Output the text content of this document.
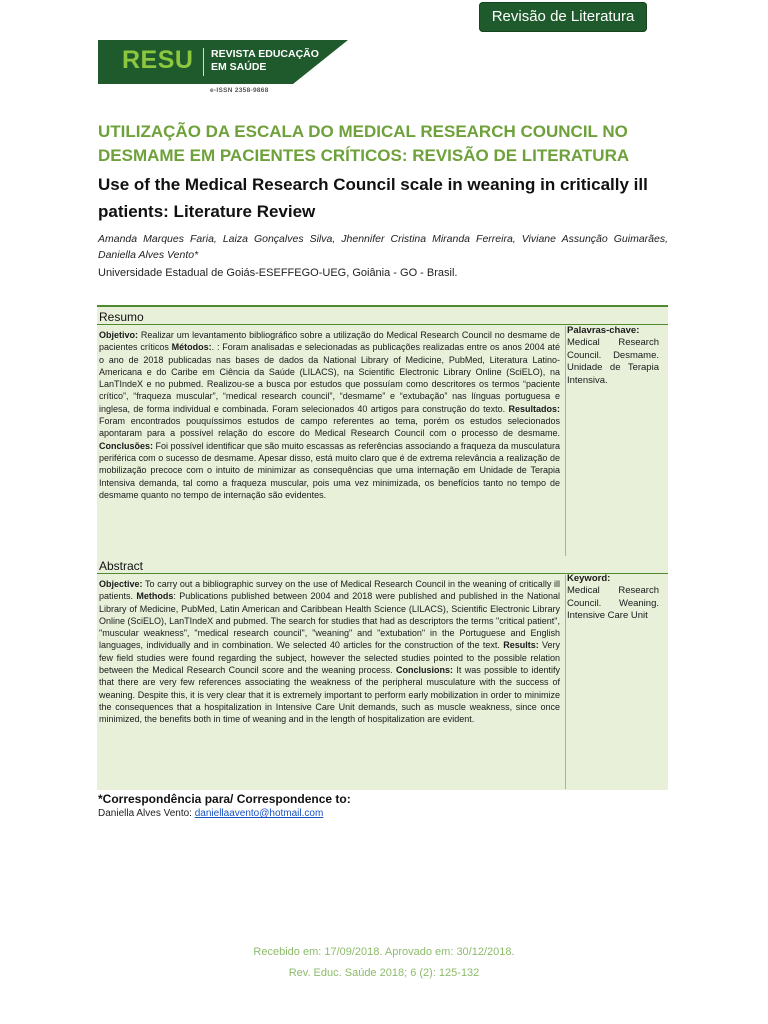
Revisão de Literatura
RESU REVISTA EDUCAÇÃO
EM SAÚDE
e-ISSN 2358-9868
UTILIZAÇÃO DA ESCALA DO MEDICAL RESEARCH COUNCIL NO DESMAME EM PACIENTES CRÍTICOS: REVISÃO DE LITERATURA
Use of the Medical Research Council scale in weaning in critically ill patients: Literature Review
Amanda Marques Faria, Laiza Gonçalves Silva, Jhennifer Cristina Miranda Ferreira, Viviane Assunção Guimarães, Daniella Alves Vento*
Universidade Estadual de Goiás-ESEFFEGO-UEG, Goiânia - GO - Brasil.
Resumo
Objetivo: Realizar um levantamento bibliográfico sobre a utilização do Medical Research Council no desmame de pacientes críticos Métodos:. : Foram analisadas e selecionadas as publicações realizadas entre os anos 2004 até o ano de 2018 publicadas nas bases de dados da National Library of Medicine, PubMed, Literatura Latino-Americana e do Caribe em Ciência da Saúde (LILACS), na Scientific Electronic Library Online (SciELO), na LanTIndeX e no pubmed. Realizou-se a busca por estudos que possuíam como descritores os termos “paciente crítico”, “fraqueza muscular”, “medical research council”, “desmame” e “extubação” nas línguas portuguesa e inglesa, de forma individual e combinada. Foram selecionados 40 artigos para construção do texto. Resultados: Foram encontrados pouquíssimos estudos de campo referentes ao tema, porém os estudos selecionados apontaram para a possível relação do escore do Medical Research Council com o processo de desmame. Conclusões: Foi possível identificar que são muito escassas as referências associando a fraqueza da musculatura periférica com o sucesso de desmame. Apesar disso, está muito claro que é de extrema relevância a realização de mobilização precoce com o intuito de minimizar as consequências que uma internação em Unidade de Terapia Intensiva demanda, tal como a fraqueza muscular, pois uma vez minimizada, os benefícios tanto no tempo de desmame quanto no tempo de internação são evidentes.
Palavras-chave:
Medical Research Council. Desmame. Unidade de Terapia Intensiva.
Abstract
Objective: To carry out a bibliographic survey on the use of Medical Research Council in the weaning of critically ill patients. Methods: Publications published between 2004 and 2018 were published and published in the National Library of Medicine, PubMed, Latin American and Caribbean Health Science (LILACS), Scientific Electronic Library Online (SciELO), LanTIndeX and pubmed. The search for studies that had as descriptors the terms "critical patient", "muscular weakness", "medical research council", "weaning" and "extubation" in the Portuguese and English languages, individually and in combination. We selected 40 articles for the construction of the text. Results: Very few field studies were found regarding the subject, however the selected studies pointed to the possible relation between the Medical Research Council score and the weaning process. Conclusions: It was possible to identify that there are very few references associating the weakness of the peripheral musculature with the success of weaning. Despite this, it is very clear that it is extremely important to perform early mobilization in order to minimize the consequences that a hospitalization in Intensive Care Unit demands, such as muscle weakness, since once minimized, the benefits both in time of weaning and in the length of hospitalization are evident.
Keyword:
Medical Research Council. Weaning. Intensive Care Unit
*Correspondência para/ Correspondence to:
Daniella Alves Vento: daniellaavento@hotmail.com
Recebido em: 17/09/2018. Aprovado em: 30/12/2018.
Rev. Educ. Saúde 2018; 6 (2): 125-132
